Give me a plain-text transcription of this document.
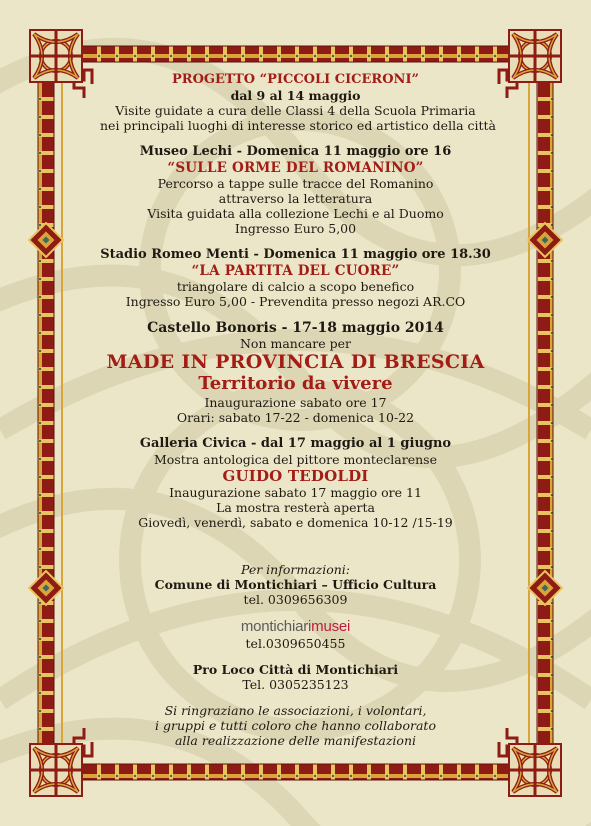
PROGETTO “PICCOLI CICERONI”
dal 9 al 14 maggio
Visite guidate a cura delle Classi 4 della Scuola Primaria
nei principali luoghi di interesse storico ed artistico della città
Museo Lechi - Domenica 11 maggio ore 16
“SULLE ORME DEL ROMANINO”
Percorso a tappe sulle tracce del Romanino
attraverso la letteratura
Visita guidata alla collezione Lechi e al Duomo
Ingresso Euro 5,00
Stadio Romeo Menti - Domenica 11 maggio ore 18.30
“LA PARTITA DEL CUORE”
triangolare di calcio a scopo benefico
Ingresso Euro 5,00 - Prevendita presso negozi AR.CO
Castello Bonoris - 17-18 maggio 2014
Non mancare per
MADE IN PROVINCIA DI BRESCIA
Territorio da vivere
Inaugurazione sabato ore 17
Orari: sabato 17-22 - domenica 10-22
Galleria Civica - dal 17 maggio al 1 giugno
Mostra antologica del pittore monteclarense
GUIDO TEDOLDI
Inaugurazione sabato 17 maggio ore 11
La mostra resterà aperta
Giovedì, venerdì, sabato e domenica 10-12 /15-19
Per informazioni:
Comune di Montichiari – Ufficio Cultura
tel. 0309656309
montichiarimusei
tel.0309650455
Pro Loco Città di Montichiari
Tel. 0305235123
Si ringraziano le associazioni, i volontari,
i gruppi e tutti coloro che hanno collaborato
alla realizzazione delle manifestazioni
